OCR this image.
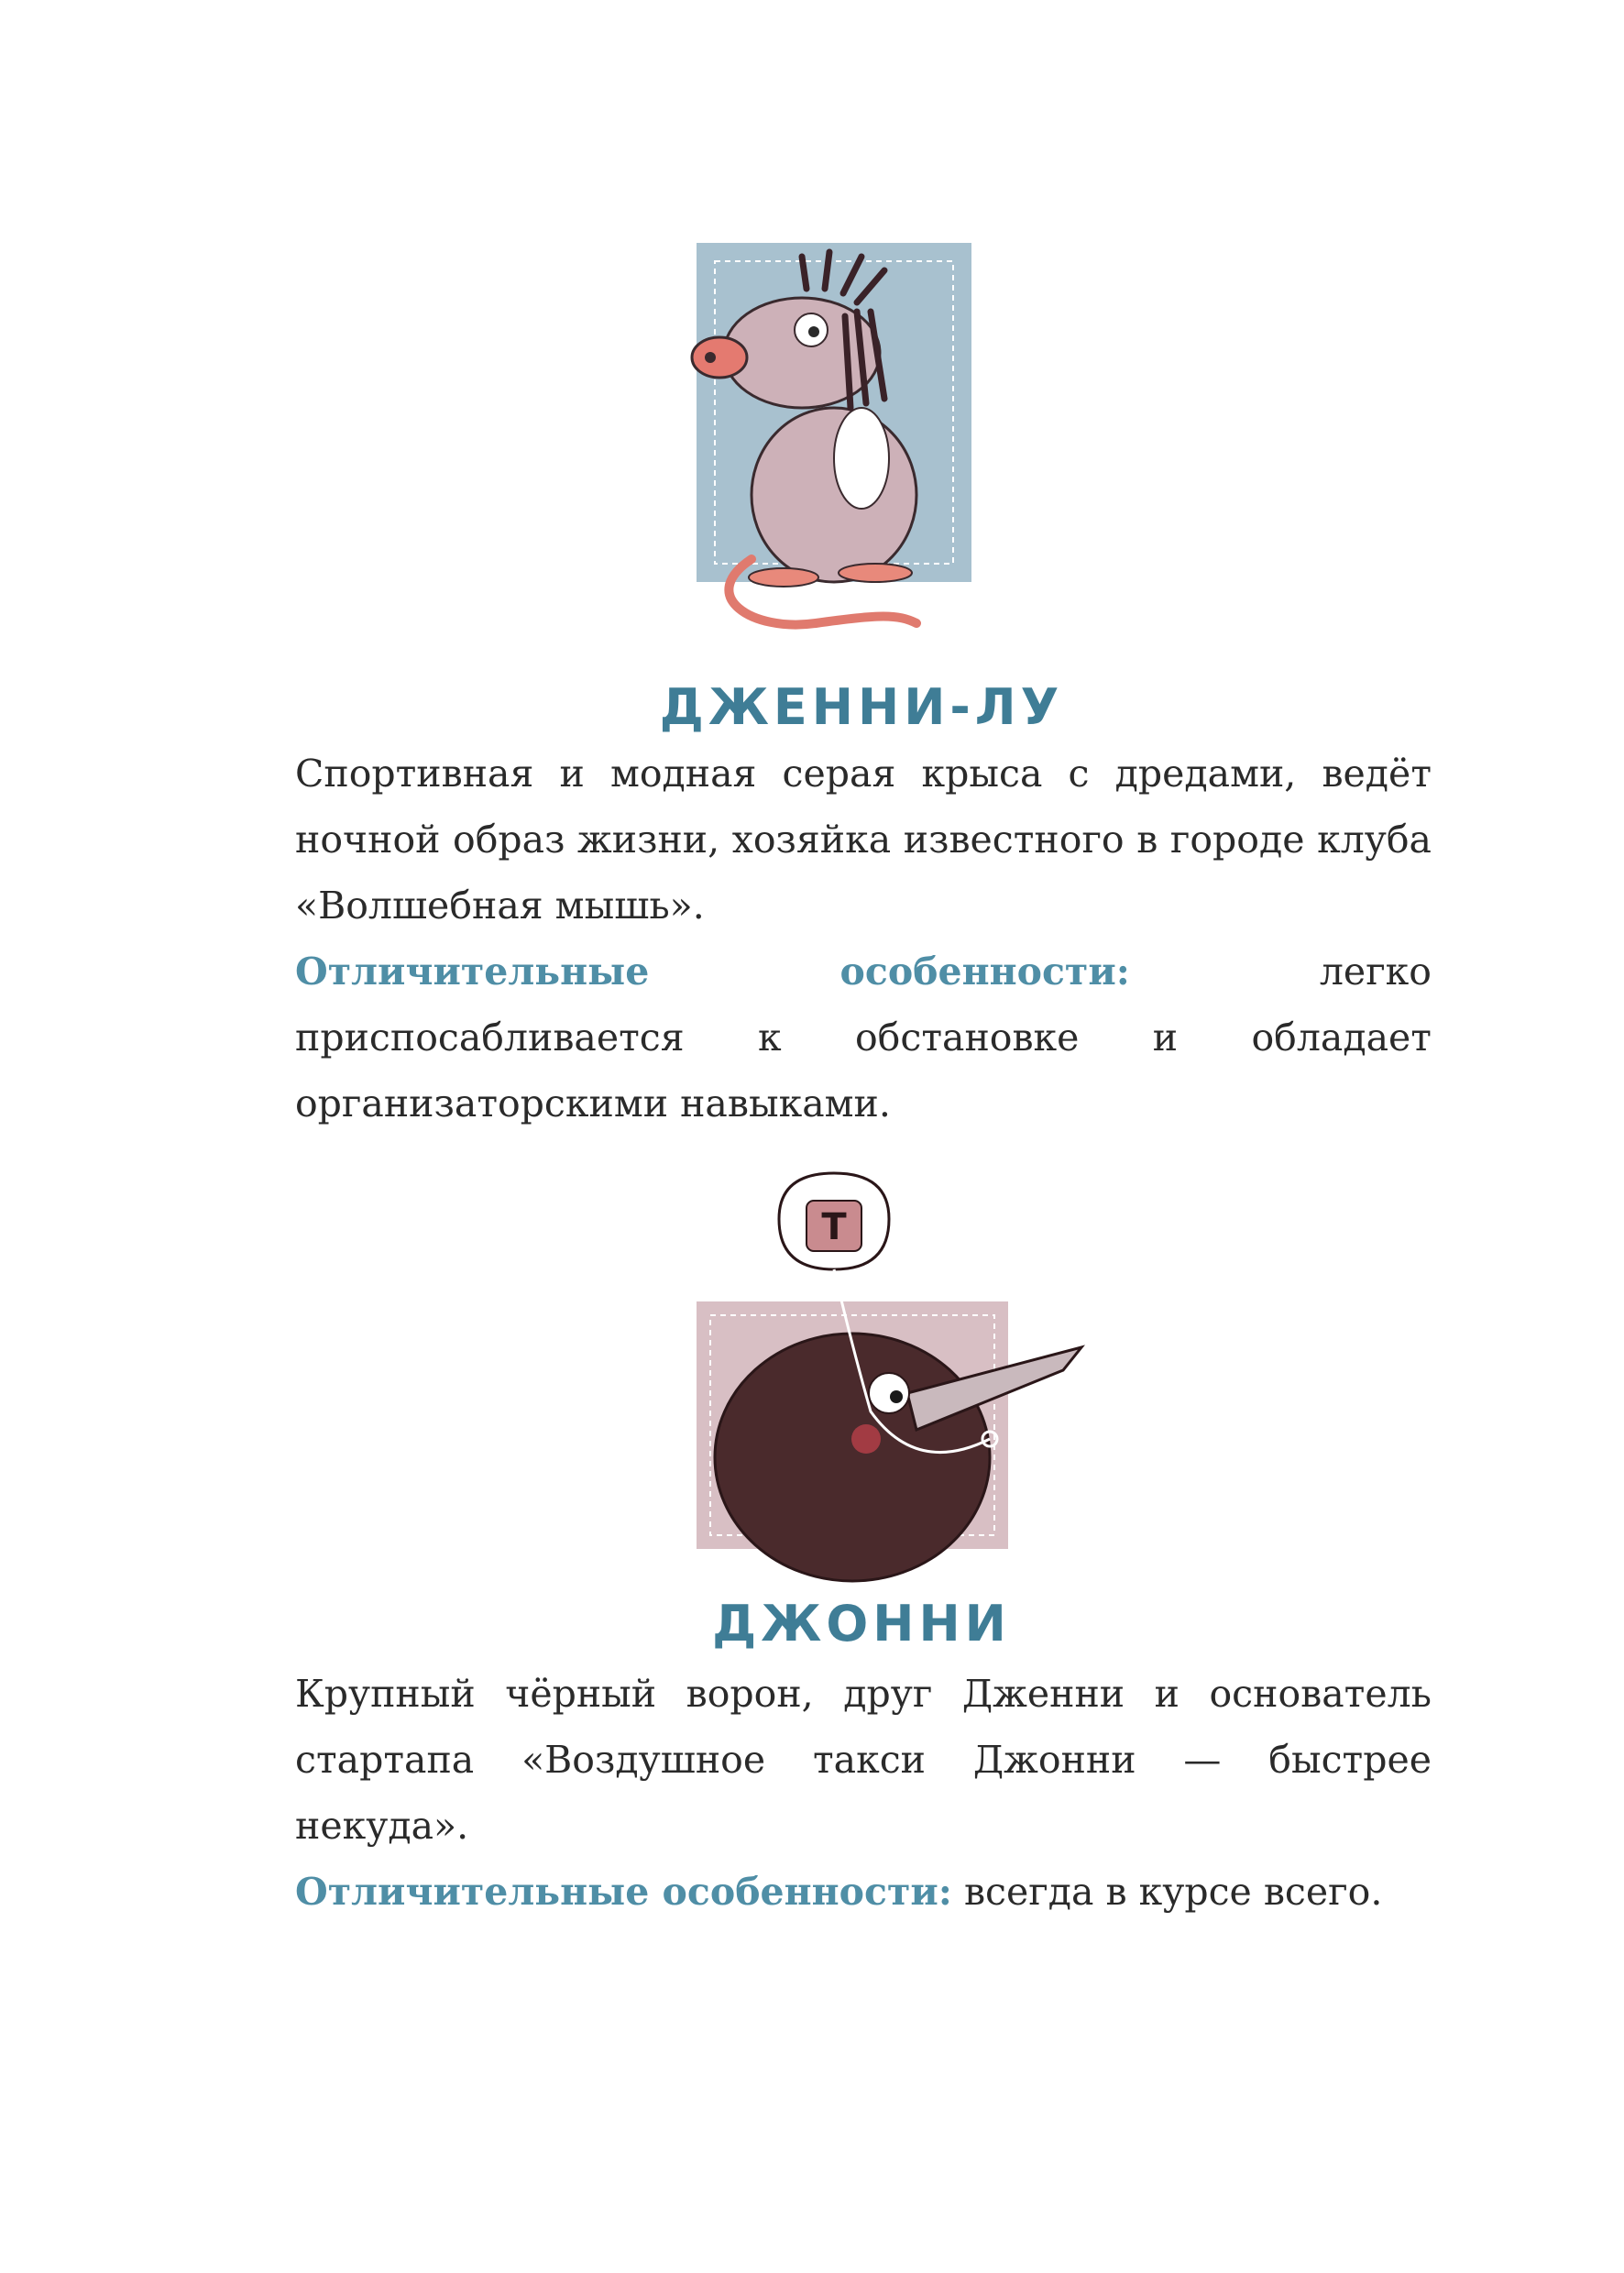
ДЖЕННИ-ЛУ

Спортивная и модная серая крыса с дредами, ведёт ночной образ жизни, хозяйка известного в городе клуба «Волшебная мышь».

Отличительные особенности:	легко приспосабливается к обстановке и обладает организаторскими навыками.

Т
ДЖОННИ

Крупный чёрный ворон, друг Дженни и основатель стартапа «Воздушное такси Джонни — быстрее некуда».

Отличительные особенности: всегда в курсе всего.
